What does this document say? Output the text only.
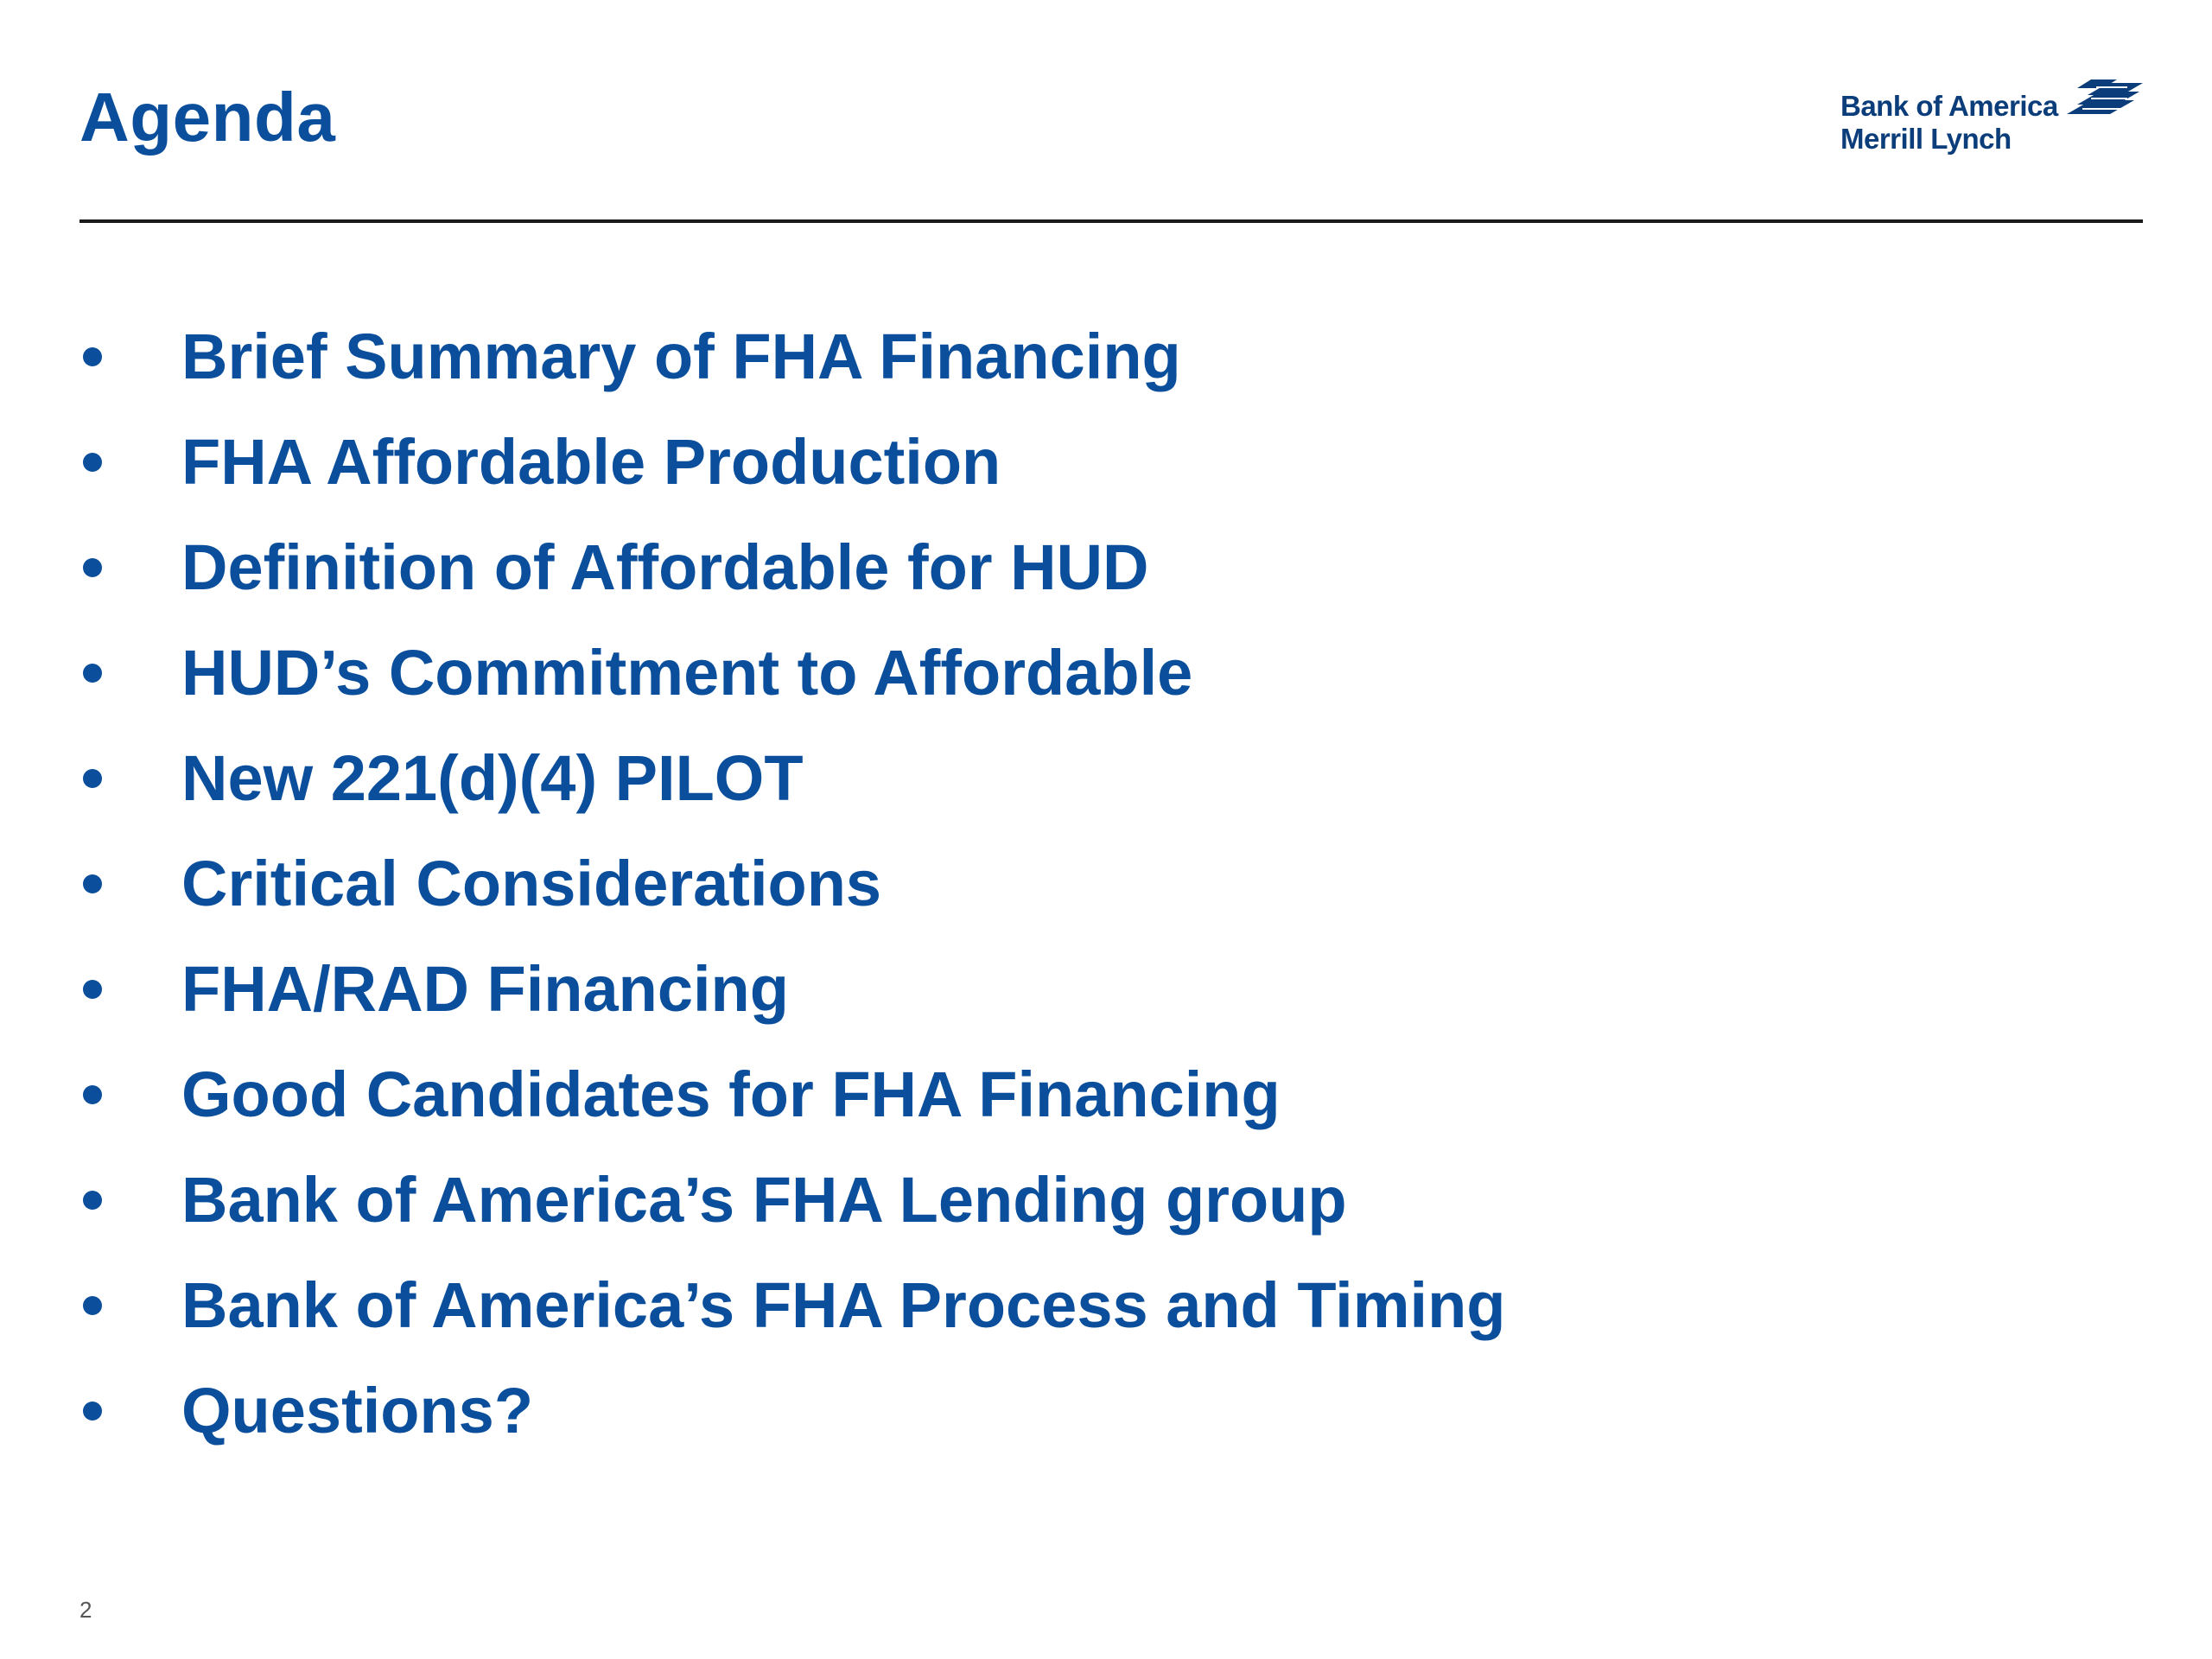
Agenda	Bank of America
Merrill Lynch
Brief Summary of FHA Financing
FHA Affordable Production
Definition of Affordable for HUD
HUD’s Commitment to Affordable
New 221(d)(4) PILOT
Critical Considerations
FHA/RAD Financing
Good Candidates for FHA Financing
Bank of America’s FHA Lending group
Bank of America’s FHA Process and Timing
Questions?
2
